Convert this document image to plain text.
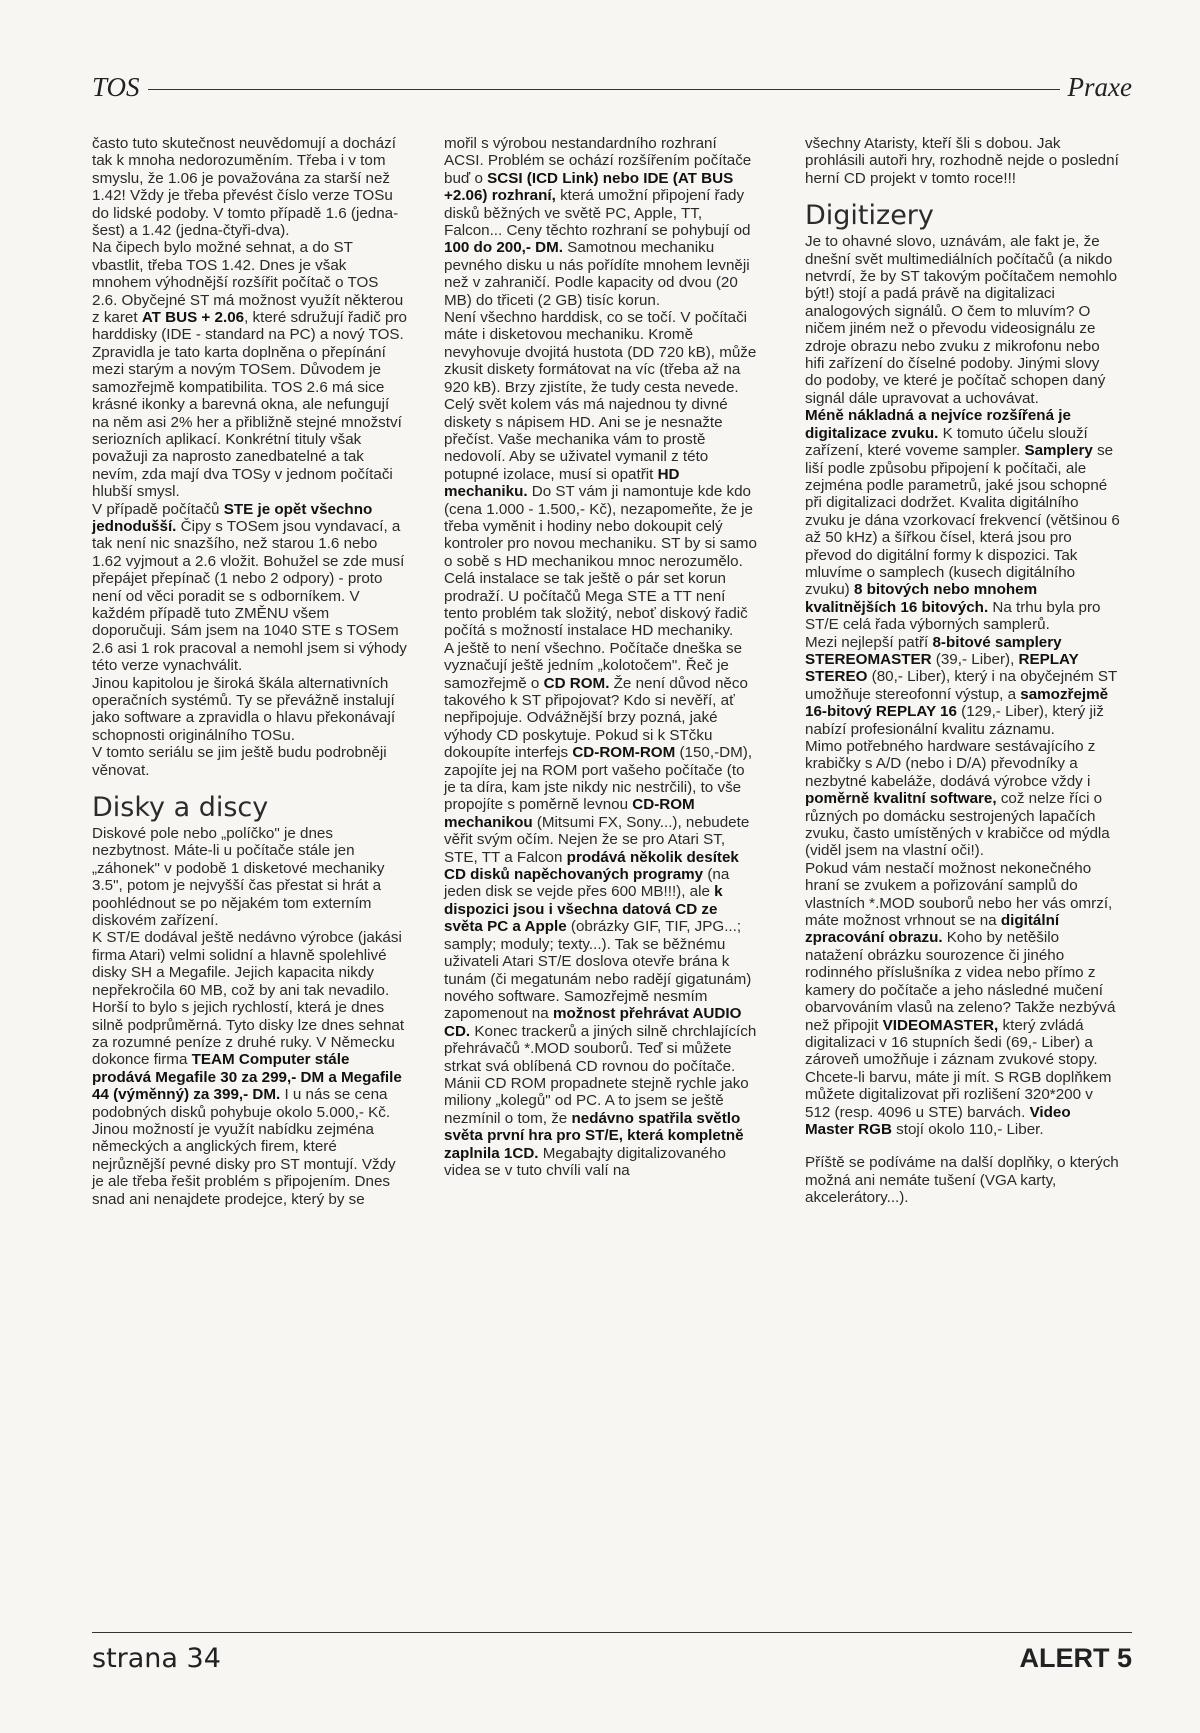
TOS	Praxe

často tuto skutečnost neuvědomují a dochází tak k mnoha nedorozuměním. Třeba i v tom smyslu, že 1.06 je považována za starší než 1.42! Vždy je třeba převést číslo verze TOSu do lidské podoby. V tomto případě 1.6 (jedna-šest) a 1.42 (jedna-čtyři-dva).

Na čipech bylo možné sehnat, a do ST vbastlit, třeba TOS 1.42. Dnes je však mnohem výhodnější rozšířit počítač o TOS 2.6. Obyčejné ST má možnost využít některou z karet AT BUS + 2.06, které sdružují řadič pro harddisky (IDE - standard na PC) a nový TOS. Zpravidla je tato karta doplněna o přepínání mezi starým a novým TOSem. Důvodem je samozřejmě kompatibilita. TOS 2.6 má sice krásné ikonky a barevná okna, ale nefungují na něm asi 2% her a přibližně stejné množství seriozních aplikací. Konkrétní tituly však považuji za naprosto zanedbatelné a tak nevím, zda mají dva TOSy v jednom počítači hlubší smysl.

V případě počítačů STE je opět všechno jednodušší. Čipy s TOSem jsou vyndavací, a tak není nic snazšího, než starou 1.6 nebo 1.62 vyjmout a 2.6 vložit. Bohužel se zde musí přepájet přepínač (1 nebo 2 odpory) - proto není od věci poradit se s odborníkem. V každém případě tuto ZMĚNU všem doporučuji. Sám jsem na 1040 STE s TOSem 2.6 asi 1 rok pracoval a nemohl jsem si výhody této verze vynachválit.

Jinou kapitolou je široká škála alternativních operačních systémů. Ty se převážně instalují jako software a zpravidla o hlavu překonávají schopnosti originálního TOSu.

V tomto seriálu se jim ještě budu podrobněji věnovat.

Disky a discy

Diskové pole nebo „políčko" je dnes nezbytnost. Máte-li u počítače stále jen „záhonek" v podobě 1 disketové mechaniky 3.5", potom je nejvyšší čas přestat si hrát a poohlédnout se po nějakém tom externím diskovém zařízení.

K ST/E dodával ještě nedávno výrobce (jakási firma Atari) velmi solidní a hlavně spolehlivé disky SH a Megafile. Jejich kapacita nikdy nepřekročila 60 MB, což by ani tak nevadilo. Horší to bylo s jejich rychlostí, která je dnes silně podprůměrná. Tyto disky lze dnes sehnat za rozumné peníze z druhé ruky. V Německu dokonce firma TEAM Computer stále prodává Megafile 30 za 299,- DM a Megafile 44 (výměnný) za 399,- DM. I u nás se cena podobných disků pohybuje okolo 5.000,- Kč. Jinou možností je využít nabídku zejména německých a anglických firem, které nejrůznější pevné disky pro ST montují. Vždy je ale třeba řešit problém s připojením. Dnes snad ani nenajdete prodejce, který by se

mořil s výrobou nestandardního rozhraní ACSI. Problém se ochází rozšířením počítače buď o SCSI (ICD Link) nebo IDE (AT BUS +2.06) rozhraní, která umožní připojení řady disků běžných ve světě PC, Apple, TT, Falcon... Ceny těchto rozhraní se pohybují od 100 do 200,- DM. Samotnou mechaniku pevného disku u nás pořídíte mnohem levněji než v zahraničí. Podle kapacity od dvou (20 MB) do třiceti (2 GB) tisíc korun.

Není všechno harddisk, co se točí. V počítači máte i disketovou mechaniku. Kromě nevyhovuje dvojitá hustota (DD 720 kB), může zkusit diskety formátovat na víc (třeba až na 920 kB). Brzy zjistíte, že tudy cesta nevede. Celý svět kolem vás má najednou ty divné diskety s nápisem HD. Ani se je nesnažte přečíst. Vaše mechanika vám to prostě nedovolí. Aby se uživatel vymanil z této potupné izolace, musí si opatřit HD mechaniku. Do ST vám ji namontuje kde kdo (cena 1.000 - 1.500,- Kč), nezapomeňte, že je třeba vyměnit i hodiny nebo dokoupit celý kontroler pro novou mechaniku. ST by si samo o sobě s HD mechanikou mnoc nerozumělo. Celá instalace se tak ještě o pár set korun prodraží. U počítačů Mega STE a TT není tento problém tak složitý, neboť diskový řadič počítá s možností instalace HD mechaniky.

A ještě to není všechno. Počítače dneška se vyznačují ještě jedním „kolotočem". Řeč je samozřejmě o CD ROM. Že není důvod něco takového k ST připojovat? Kdo si nevěří, ať nepřipojuje. Odvážnější brzy pozná, jaké výhody CD poskytuje. Pokud si k STčku dokoupíte interfejs CD-ROM-ROM (150,-DM), zapojíte jej na ROM port vašeho počítače (to je ta díra, kam jste nikdy nic nestrčili), to vše propojíte s poměrně levnou CD-ROM mechanikou (Mitsumi FX, Sony...), nebudete věřit svým očím. Nejen že se pro Atari ST, STE, TT a Falcon prodává několik desítek CD disků napěchovaných programy (na jeden disk se vejde přes 600 MB!!!), ale k dispozici jsou i všechna datová CD ze světa PC a Apple (obrázky GIF, TIF, JPG...; samply; moduly; texty...). Tak se běžnému uživateli Atari ST/E doslova otevře brána k tunám (či megatunám nebo radějí gigatunám) nového software. Samozřejmě nesmím zapomenout na možnost přehrávat AUDIO CD. Konec trackerů a jiných silně chrchlajících přehrávačů *.MOD souborů. Teď si můžete strkat svá oblíbená CD rovnou do počítače. Mánii CD ROM propadnete stejně rychle jako miliony „kolegů" od PC. A to jsem se ještě nezmínil o tom, že nedávno spatřila světlo světa první hra pro ST/E, která kompletně zaplnila 1CD. Megabajty digitalizovaného videa se v tuto chvíli valí na

všechny Ataristy, kteří šli s dobou. Jak prohlásili autoři hry, rozhodně nejde o poslední herní CD projekt v tomto roce!!!

Digitizery

Je to ohavné slovo, uznávám, ale fakt je, že dnešní svět multimediálních počítačů (a nikdo netvrdí, že by ST takovým počítačem nemohlo být!) stojí a padá právě na digitalizaci analogových signálů. O čem to mluvím? O ničem jiném než o převodu videosignálu ze zdroje obrazu nebo zvuku z mikrofonu nebo hifi zařízení do číselné podoby. Jinými slovy do podoby, ve které je počítač schopen daný signál dále upravovat a uchovávat.

Méně nákladná a nejvíce rozšířená je digitalizace zvuku. K tomuto účelu slouží zařízení, které voveme sampler. Samplery se liší podle způsobu připojení k počítači, ale zejména podle parametrů, jaké jsou schopné při digitalizaci dodržet. Kvalita digitálního zvuku je dána vzorkovací frekvencí (většinou 6 až 50 kHz) a šířkou čísel, která jsou pro převod do digitální formy k dispozici. Tak mluvíme o samplech (kusech digitálního zvuku) 8 bitových nebo mnohem kvalitnějších 16 bitových. Na trhu byla pro ST/E celá řada výborných samplerů.

Mezi nejlepší patří 8-bitové samplery STEREOMASTER (39,- Liber), REPLAY STEREO (80,- Liber), který i na obyčejném ST umožňuje stereofonní výstup, a samozřejmě 16-bitový REPLAY 16 (129,- Liber), který již nabízí profesionální kvalitu záznamu.

Mimo potřebného hardware sestávajícího z krabičky s A/D (nebo i D/A) převodníky a nezbytné kabeláže, dodává výrobce vždy i poměrně kvalitní software, což nelze říci o různých po domácku sestrojených lapačích zvuku, často umístěných v krabičce od mýdla (viděl jsem na vlastní oči!).

Pokud vám nestačí možnost nekonečného hraní se zvukem a pořizování samplů do vlastních *.MOD souborů nebo her vás omrzí, máte možnost vrhnout se na digitální zpracování obrazu. Koho by netěšilo natažení obrázku sourozence či jiného rodinného příslušníka z videa nebo přímo z kamery do počítače a jeho následné mučení obarvováním vlasů na zeleno? Takže nezbývá než připojit VIDEOMASTER, který zvládá digitalizaci v 16 stupních šedi (69,- Liber) a zároveň umožňuje i záznam zvukové stopy. Chcete-li barvu, máte ji mít. S RGB doplňkem můžete digitalizovat při rozlišení 320*200 v 512 (resp. 4096 u STE) barvách. Video Master RGB stojí okolo 110,- Liber.

Příště se podíváme na další doplňky, o kterých možná ani nemáte tušení (VGA karty, akcelerátory...).

strana 34	ALERT 5
